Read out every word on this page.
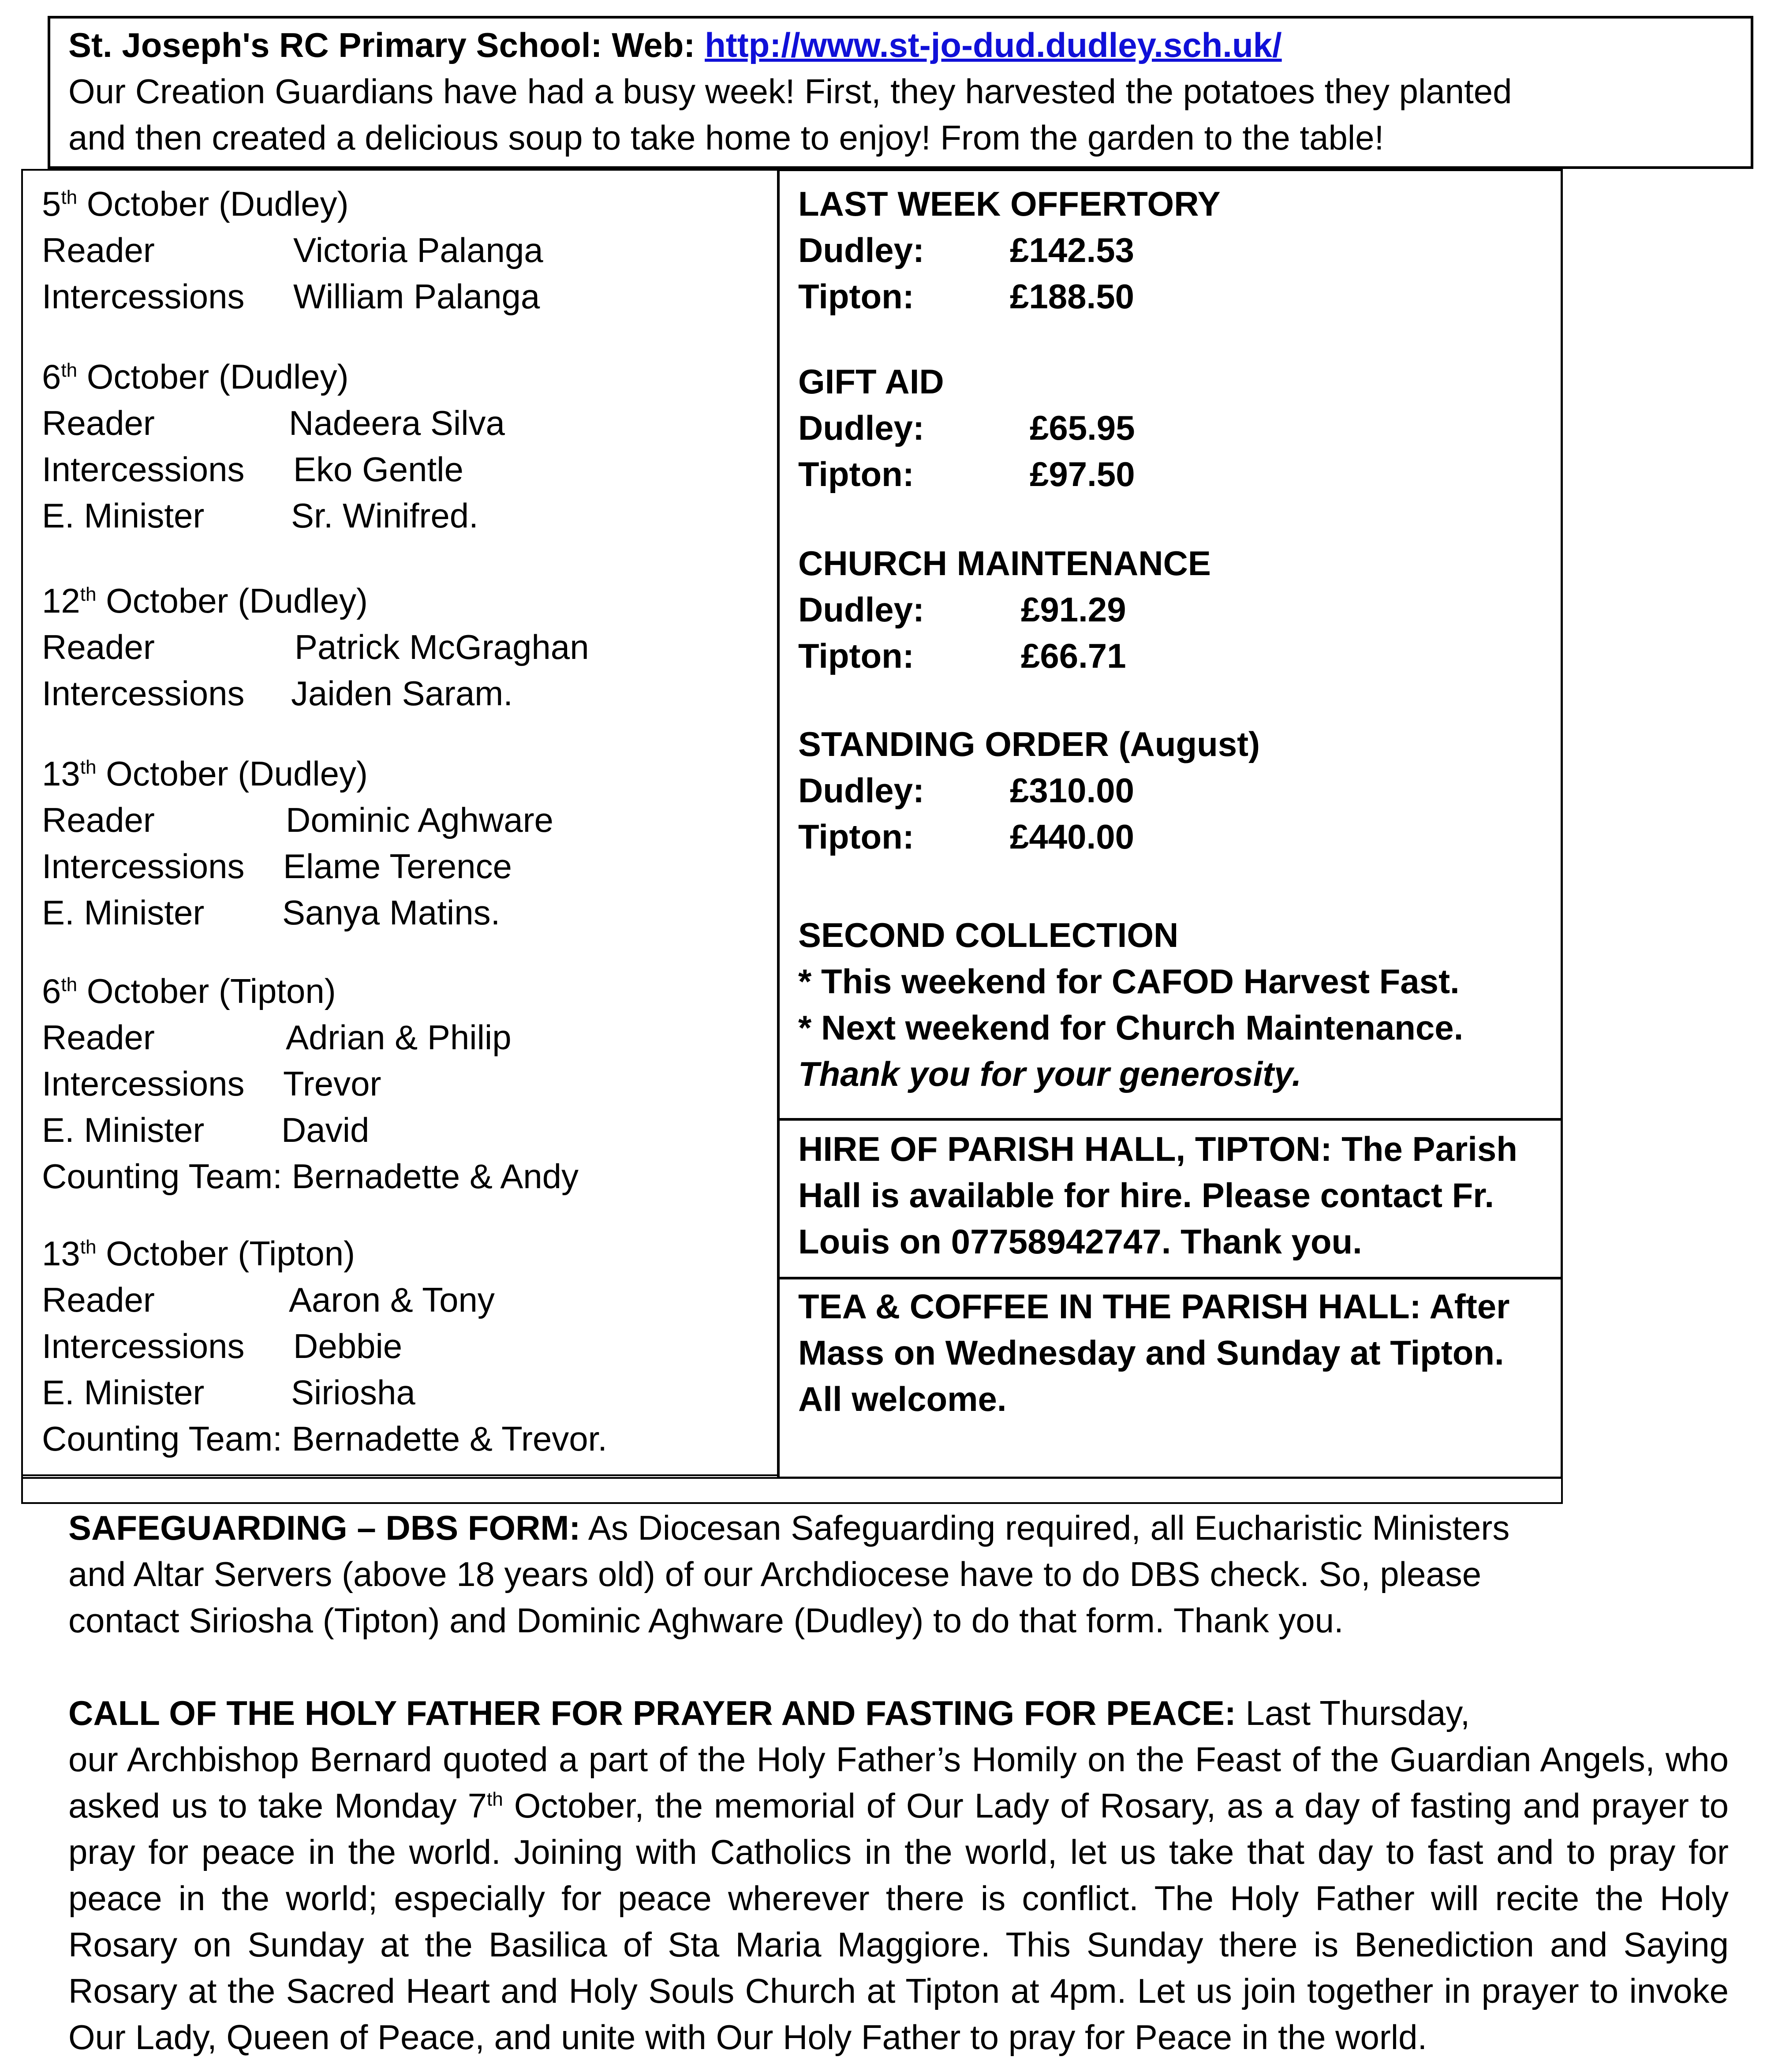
St. Joseph's RC Primary School: Web: http://www.st-jo-dud.dudley.sch.uk/
Our Creation Guardians have had a busy week! First, they harvested the potatoes they planted
and then created a delicious soup to take home to enjoy! From the garden to the table!
5th October (Dudley)
Reader	Victoria Palanga
Intercessions William Palanga
6th October (Dudley)
Reader	Nadeera Silva
Intercessions Eko Gentle
E. Minister	Sr. Winifred.
12th October (Dudley)
Reader	Patrick McGraghan
Intercessions Jaiden Saram.
13th October (Dudley)
Reader	Dominic Aghware
Intercessions Elame Terence
E. Minister Sanya Matins.
6th October (Tipton)
Reader	Adrian & Philip
Intercessions Trevor
E. Minister David
Counting Team: Bernadette & Andy
13th October (Tipton)
Reader	Aaron & Tony
Intercessions Debbie
E. Minister	Siriosha
Counting Team: Bernadette & Trevor.
LAST WEEK OFFERTORY
Dudley: £142.53
Tipton:	£188.50
GIFT AID
Dudley:	£65.95
Tipton:	£97.50
CHURCH MAINTENANCE
Dudley:	£91.29
Tipton:	£66.71
STANDING ORDER (August)
Dudley: £310.00
Tipton:	£440.00
SECOND COLLECTION
* This weekend for CAFOD Harvest Fast.
* Next weekend for Church Maintenance.
Thank you for your generosity.
HIRE OF PARISH HALL, TIPTON: The Parish
Hall is available for hire. Please contact Fr.
Louis on 07758942747. Thank you.
TEA & COFFEE IN THE PARISH HALL: After
Mass on Wednesday and Sunday at Tipton.
All welcome.
SAFEGUARDING – DBS FORM: As Diocesan Safeguarding required, all Eucharistic Ministers
and Altar Servers (above 18 years old) of our Archdiocese have to do DBS check. So, please
contact Siriosha (Tipton) and Dominic Aghware (Dudley) to do that form. Thank you.
CALL OF THE HOLY FATHER FOR PRAYER AND FASTING FOR PEACE: Last Thursday,
our Archbishop Bernard quoted a part of the Holy Father’s Homily on the Feast of the Guardian Angels, who asked us to take Monday 7th October, the memorial of Our Lady of Rosary, as a day of fasting and prayer to pray for peace in the world. Joining with Catholics in the world, let us take that day to fast and to pray for peace in the world; especially for peace wherever there is conflict. The Holy Father will recite the Holy Rosary on Sunday at the Basilica of Sta Maria Maggiore. This Sunday there is Benediction and Saying Rosary at the Sacred Heart and Holy Souls Church at Tipton at 4pm. Let us join together in prayer to invoke Our Lady, Queen of Peace, and unite with Our Holy Father to pray for Peace in the world.
